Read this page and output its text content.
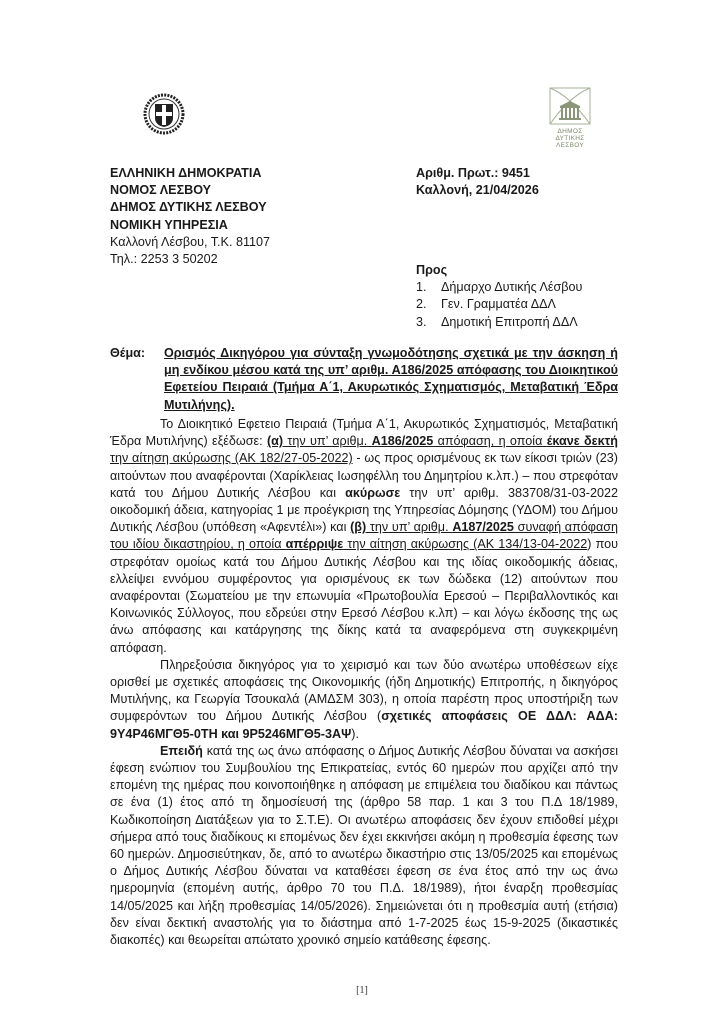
ΔΗΜΟΣ
ΔΥΤΙΚΗΣ
ΛΕΣΒΟΥ
ΕΛΛΗΝΙΚΗ ΔΗΜΟΚΡΑΤΙΑ
ΝΟΜΟΣ ΛΕΣΒΟΥ
ΔΗΜΟΣ ΔΥΤΙΚΗΣ ΛΕΣΒΟΥ
ΝΟΜΙΚΗ ΥΠΗΡΕΣΙΑ
Καλλονή Λέσβου, Τ.Κ. 81107
Τηλ.: 2253 3 50202
Αριθμ. Πρωτ.: 9451
Καλλονή, 21/04/2026
Προς
1.	Δήμαρχο Δυτικής Λέσβου
2.	Γεν. Γραμματέα ΔΔΛ
3.	Δημοτική Επιτροπή ΔΔΛ
Θέμα:	Ορισμός Δικηγόρου για σύνταξη γνωμοδότησης σχετικά με την άσκηση ή μη ενδίκου μέσου κατά της υπ’ αριθμ. Α186/2025 απόφασης του Διοικητικού Εφετείου Πειραιά (Τμήμα Α΄1, Ακυρωτικός Σχηματισμός, Μεταβατική Έδρα Μυτιλήνης).

Το Διοικητικό Εφετειο Πειραιά (Τμήμα Α΄1, Ακυρωτικός Σχηματισμός, Μεταβατική Έδρα Μυτιλήνης) εξέδωσε: (α) την υπ’ αριθμ. Α186/2025 απόφαση, η οποία έκανε δεκτή την αίτηση ακύρωσης (ΑΚ 182/27-05-2022) - ως προς ορισμένους εκ των είκοσι τριών (23) αιτούντων που αναφέρονται (Χαρίκλειας Ιωσηφέλλη του Δημητρίου κ.λπ.) – που στρεφόταν κατά του Δήμου Δυτικής Λέσβου και ακύρωσε την υπ’ αριθμ. 383708/31-03-2022 οικοδομική άδεια, κατηγορίας 1 με προέγκριση της Υπηρεσίας Δόμησης (ΥΔΟΜ) του Δήμου Δυτικής Λέσβου (υπόθεση «Αφεντέλι») και (β) την υπ’ αριθμ. Α187/2025 συναφή απόφαση του ιδίου δικαστηρίου, η οποία απέρριψε την αίτηση ακύρωσης (ΑΚ 134/13-04-2022) που στρεφόταν ομοίως κατά του Δήμου Δυτικής Λέσβου και της ιδίας οικοδομικής άδειας, ελλείψει εννόμου συμφέροντος για ορισμένους εκ των δώδεκα (12) αιτούντων που αναφέρονται (Σωματείου με την επωνυμία «Πρωτοβουλία Ερεσού – Περιβαλλοντικός και Κοινωνικός Σύλλογος, που εδρεύει στην Ερεσό Λέσβου κ.λπ) – και λόγω έκδοσης της ως άνω απόφασης και κατάργησης της δίκης κατά τα αναφερόμενα στη συγκεκριμένη απόφαση.

Πληρεξούσια δικηγόρος για το χειρισμό και των δύο ανωτέρω υποθέσεων είχε ορισθεί με σχετικές αποφάσεις της Οικονομικής (ήδη Δημοτικής) Επιτροπής, η δικηγόρος Μυτιλήνης, κα Γεωργία Τσουκαλά (ΑΜΔΣΜ 303), η οποία παρέστη προς υποστήριξη των συμφερόντων του Δήμου Δυτικής Λέσβου (σχετικές αποφάσεις ΟΕ ΔΔΛ: ΑΔΑ: 9Υ4Ρ46ΜΓΘ5-0ΤΗ και 9Ρ5246ΜΓΘ5-3ΑΨ).

Επειδή κατά της ως άνω απόφασης ο Δήμος Δυτικής Λέσβου δύναται να ασκήσει έφεση ενώπιον του Συμβουλίου της Επικρατείας, εντός 60 ημερών που αρχίζει από την επομένη της ημέρας που κοινοποιήθηκε η απόφαση με επιμέλεια του διαδίκου και πάντως σε ένα (1) έτος από τη δημοσίευσή της (άρθρο 58 παρ. 1 και 3 του Π.Δ 18/1989, Κωδικοποίηση Διατάξεων για το Σ.Τ.Ε). Οι ανωτέρω αποφάσεις δεν έχουν επιδοθεί μέχρι σήμερα από τους διαδίκους κι επομένως δεν έχει εκκινήσει ακόμη η προθεσμία έφεσης των 60 ημερών. Δημοσιεύτηκαν, δε, από το ανωτέρω δικαστήριο στις 13/05/2025 και επομένως ο Δήμος Δυτικής Λέσβου δύναται να καταθέσει έφεση σε ένα έτος από την ως άνω ημερομηνία (επομένη αυτής, άρθρο 70 του Π.Δ. 18/1989), ήτοι έναρξη προθεσμίας 14/05/2025 και λήξη προθεσμίας 14/05/2026). Σημειώνεται ότι η προθεσμία αυτή (ετήσια) δεν είναι δεκτική αναστολής για το διάστημα από 1-7-2025 έως 15-9-2025 (δικαστικές διακοπές) και θεωρείται απώτατο χρονικό σημείο κατάθεσης έφεσης.

[1]
